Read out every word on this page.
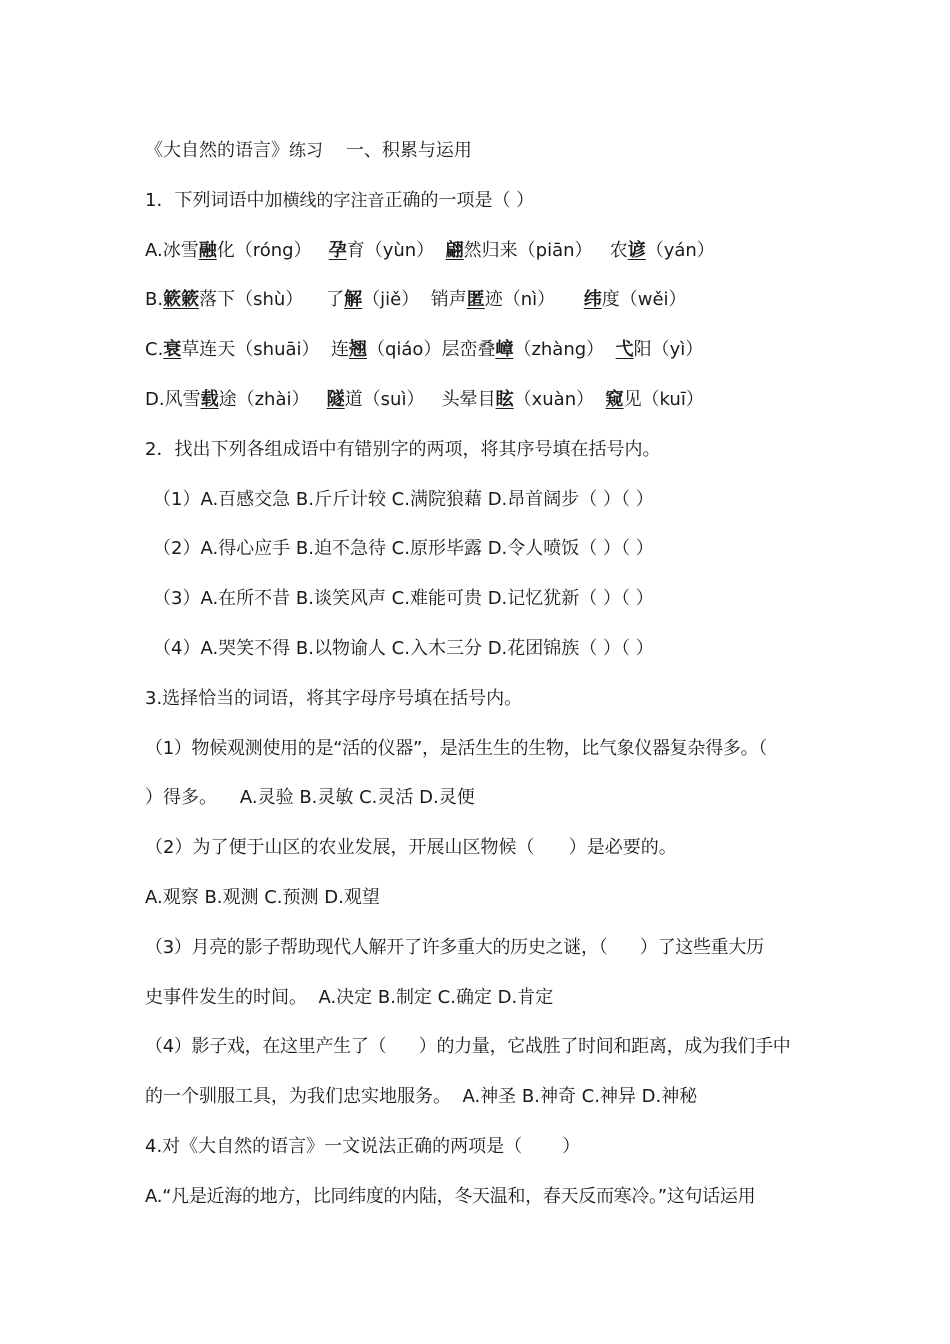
《大自然的语言》练习 一、积累与运用
1．下列词语中加横线的字注音正确的一项是（ ）
A.冰雪融化（róng）   孕育（yùn）  翩然归来（piān）   农谚（yán）
B.簌簌落下（shù）    了解（jiě）  销声匿迹（nì）     纬度（wěi）
C.衰草连天（shuāi）  连翘（qiáo）层峦叠嶂（zhàng）  弋阳（yì）
D.风雪载途（zhài）   隧道（suì）   头晕目眩（xuàn）  窥见（kuī）
2．找出下列各组成语中有错别字的两项，将其序号填在括号内。
（1）A.百感交急 B.斤斤计较 C.满院狼藉 D.昂首阔步（ ）（ ）
（2）A.得心应手 B.迫不急待 C.原形毕露 D.令人喷饭（ ）（ ）
（3）A.在所不昔 B.谈笑风声 C.难能可贵 D.记忆犹新（ ）（ ）
（4）A.哭笑不得 B.以物谕人 C.入木三分 D.花团锦族（ ）（ ）
3.选择恰当的词语，将其字母序号填在括号内。
（1）物候观测使用的是“活的仪器”，是活生生的生物，比气象仪器复杂得多。（
）得多。    A.灵验 B.灵敏 C.灵活 D.灵便
（2）为了便于山区的农业发展，开展山区物候（      ）是必要的。
A.观察 B.观测 C.预测 D.观望
（3）月亮的影子帮助现代人解开了许多重大的历史之谜，（      ）了这些重大历
史事件发生的时间。  A.决定 B.制定 C.确定 D.肯定
（4）影子戏，在这里产生了（      ）的力量，它战胜了时间和距离，成为我们手中
的一个驯服工具，为我们忠实地服务。  A.神圣 B.神奇 C.神异 D.神秘
4.对《大自然的语言》一文说法正确的两项是（       ）
A.“凡是近海的地方，比同纬度的内陆，冬天温和，春天反而寒冷。”这句话运用
